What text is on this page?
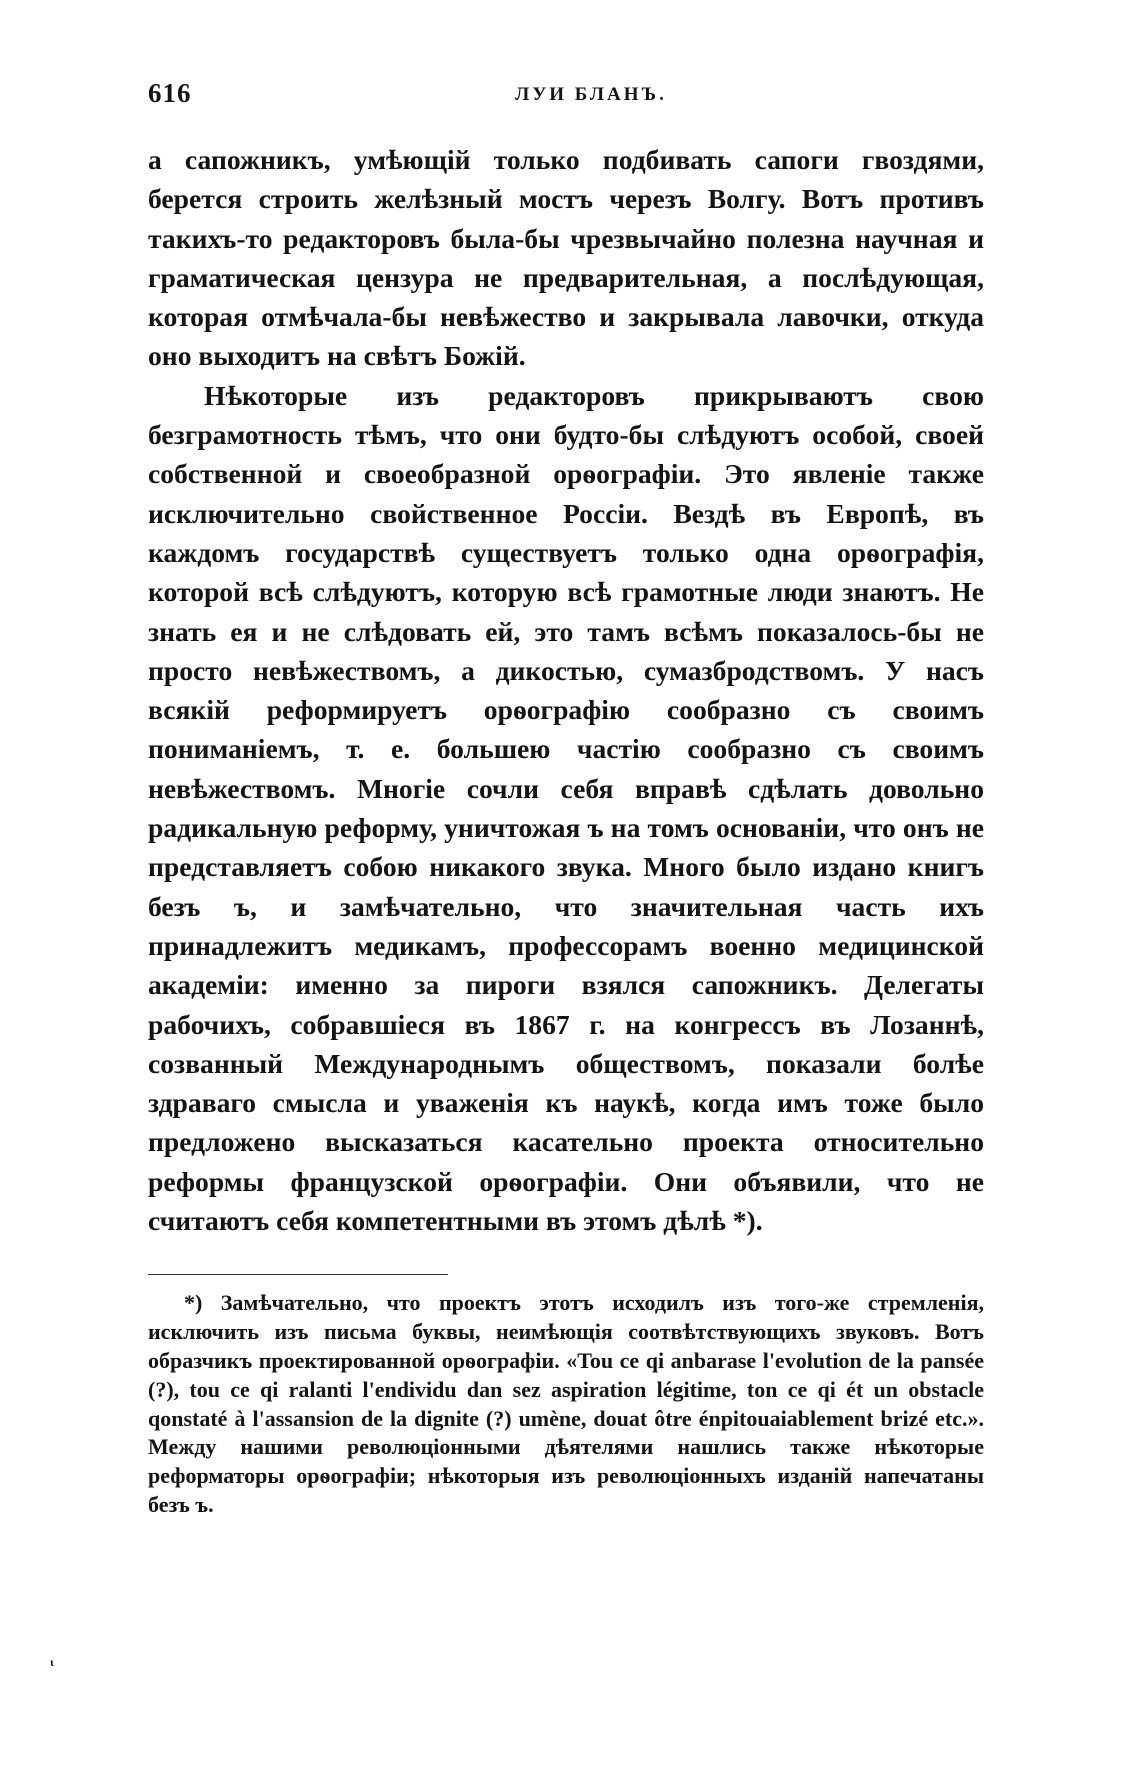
616	ЛУИ БЛАНЪ.

а сапожникъ, умѣющій только подбивать сапоги гвоздями, берется строить желѣзный мостъ черезъ Волгу. Вотъ противъ такихъ-то редакторовъ была-бы чрезвычайно полезна научная и граматическая цензура не предварительная, а послѣдующая, которая отмѣчала-бы невѣжество и закрывала лавочки, откуда оно выходитъ на свѣтъ Божій.

Нѣкоторые изъ редакторовъ прикрываютъ свою безграмотность тѣмъ, что они будто-бы слѣдуютъ особой, своей собственной и своеобразной орѳографіи. Это явленіе также исключительно свойственное Россіи. Вездѣ въ Европѣ, въ каждомъ государствѣ существуетъ только одна орѳографія, которой всѣ слѣдуютъ, которую всѣ грамотные люди знаютъ. Не знать ея и не слѣдовать ей, это тамъ всѣмъ показалось-бы не просто невѣжествомъ, а дикостью, сумазбродствомъ. У насъ всякій реформируетъ орѳографію сообразно съ своимъ пониманіемъ, т. е. большею частію сообразно съ своимъ невѣжествомъ. Многіе сочли себя вправѣ сдѣлать довольно радикальную реформу, уничтожая ъ на томъ основаніи, что онъ не представляетъ собою никакого звука. Много было издано книгъ безъ ъ, и замѣчательно, что значительная часть ихъ принадлежитъ медикамъ, профессорамъ военно медицинской академіи: именно за пироги взялся сапожникъ. Делегаты рабочихъ, собравшіеся въ 1867 г. на конгрессъ въ Лозаннѣ, созванный Международнымъ обществомъ, показали болѣе здраваго смысла и уваженія къ наукѣ, когда имъ тоже было предложено высказаться касательно проекта относительно реформы французской орѳографіи. Они объявили, что не считаютъ себя компетентными въ этомъ дѣлѣ *).

*) Замѣчательно, что проектъ этотъ исходилъ изъ того-же стремленія, исключить изъ письма буквы, неимѣющія соотвѣтствующихъ звуковъ. Вотъ образчикъ проектированной орѳографіи. «Tou ce qi anbarase l'evolution de la pansée (?), tou ce qi ralanti l'endividu dan sez aspiration légitime, ton ce qi ét un obstacle qonstaté à l'assansion de la dignite (?) umène, douat ôtre énpitouaiablement brizé etc.». Между нашими революціонными дѣятелями нашлись также нѣкоторые реформаторы орѳографіи; нѣкоторыя изъ революціонныхъ изданій напечатаны безъ ъ.

ι
